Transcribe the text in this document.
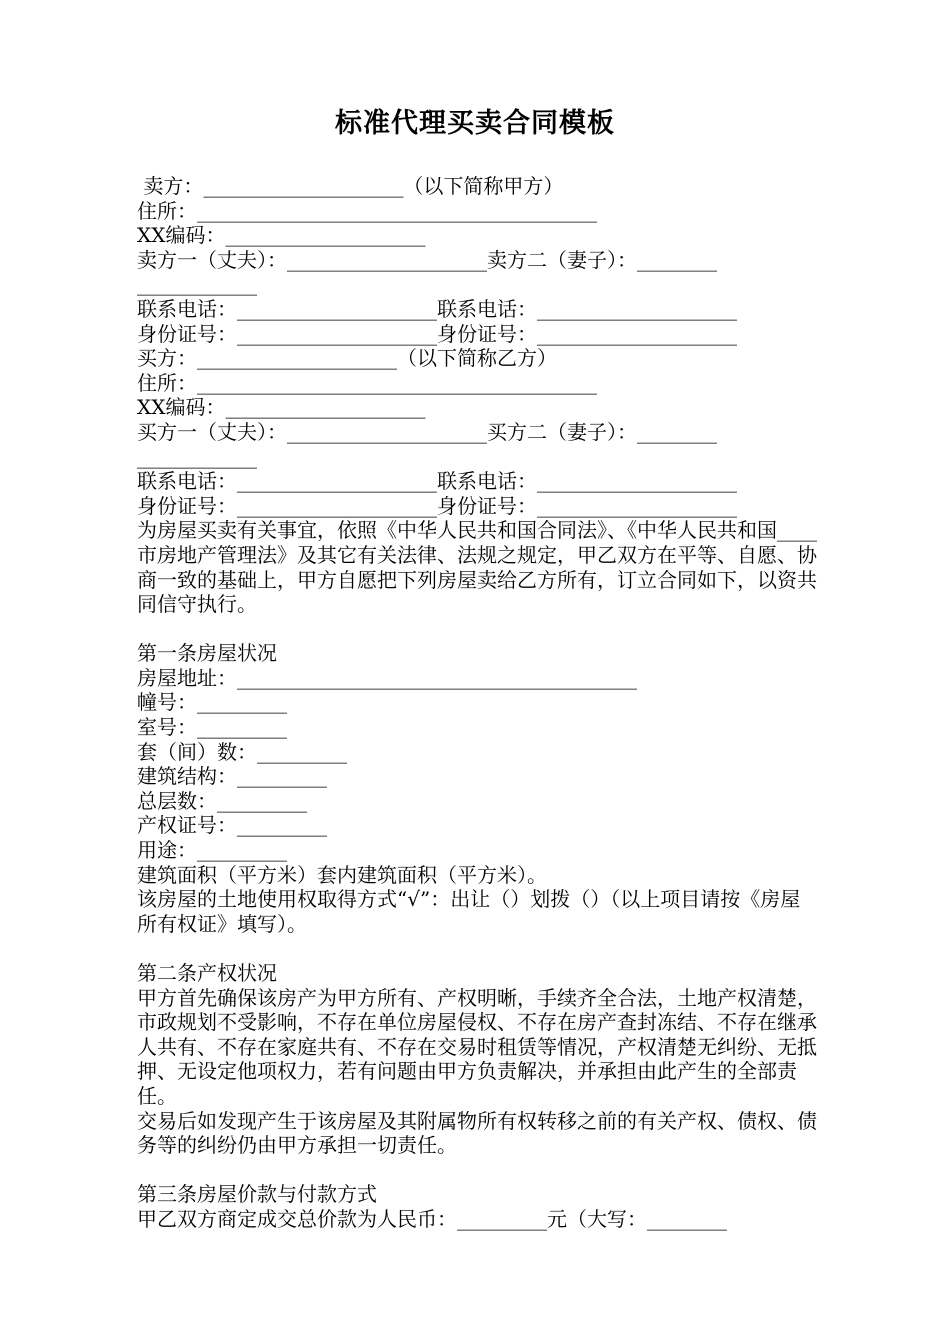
标准代理买卖合同模板
卖方：____________________（以下简称甲方）
住所：________________________________________
XX编码：____________________
卖方一（丈夫）：____________________卖方二（妻子）：________
____________
联系电话：____________________联系电话：____________________
身份证号：____________________身份证号：____________________
买方：____________________（以下简称乙方）
住所：________________________________________
XX编码：____________________
买方一（丈夫）：____________________买方二（妻子）：________
____________
联系电话：____________________联系电话：____________________
身份证号：____________________身份证号：____________________
为房屋买卖有关事宜，依照《中华人民共和国合同法》、《中华人民共和国____市房地产管理法》及其它有关法律、法规之规定，甲乙双方在平等、自愿、协商一致的基础上，甲方自愿把下列房屋卖给乙方所有，订立合同如下，以资共同信守执行。
第一条房屋状况
房屋地址：________________________________________
幢号：_________
室号：_________
套（间）数：_________
建筑结构：_________
总层数：_________
产权证号：_________
用途：_________
建筑面积（平方米）套内建筑面积（平方米）。
该房屋的土地使用权取得方式“√”：出让（）划拨（）（以上项目请按《房屋所有权证》填写）。
第二条产权状况
甲方首先确保该房产为甲方所有、产权明晰，手续齐全合法，土地产权清楚，市政规划不受影响，不存在单位房屋侵权、不存在房产查封冻结、不存在继承人共有、不存在家庭共有、不存在交易时租赁等情况，产权清楚无纠纷、无抵押、无设定他项权力，若有问题由甲方负责解决，并承担由此产生的全部责任。
交易后如发现产生于该房屋及其附属物所有权转移之前的有关产权、债权、债务等的纠纷仍由甲方承担一切责任。
第三条房屋价款与付款方式
甲乙双方商定成交总价款为人民币：_________元（大写：________
